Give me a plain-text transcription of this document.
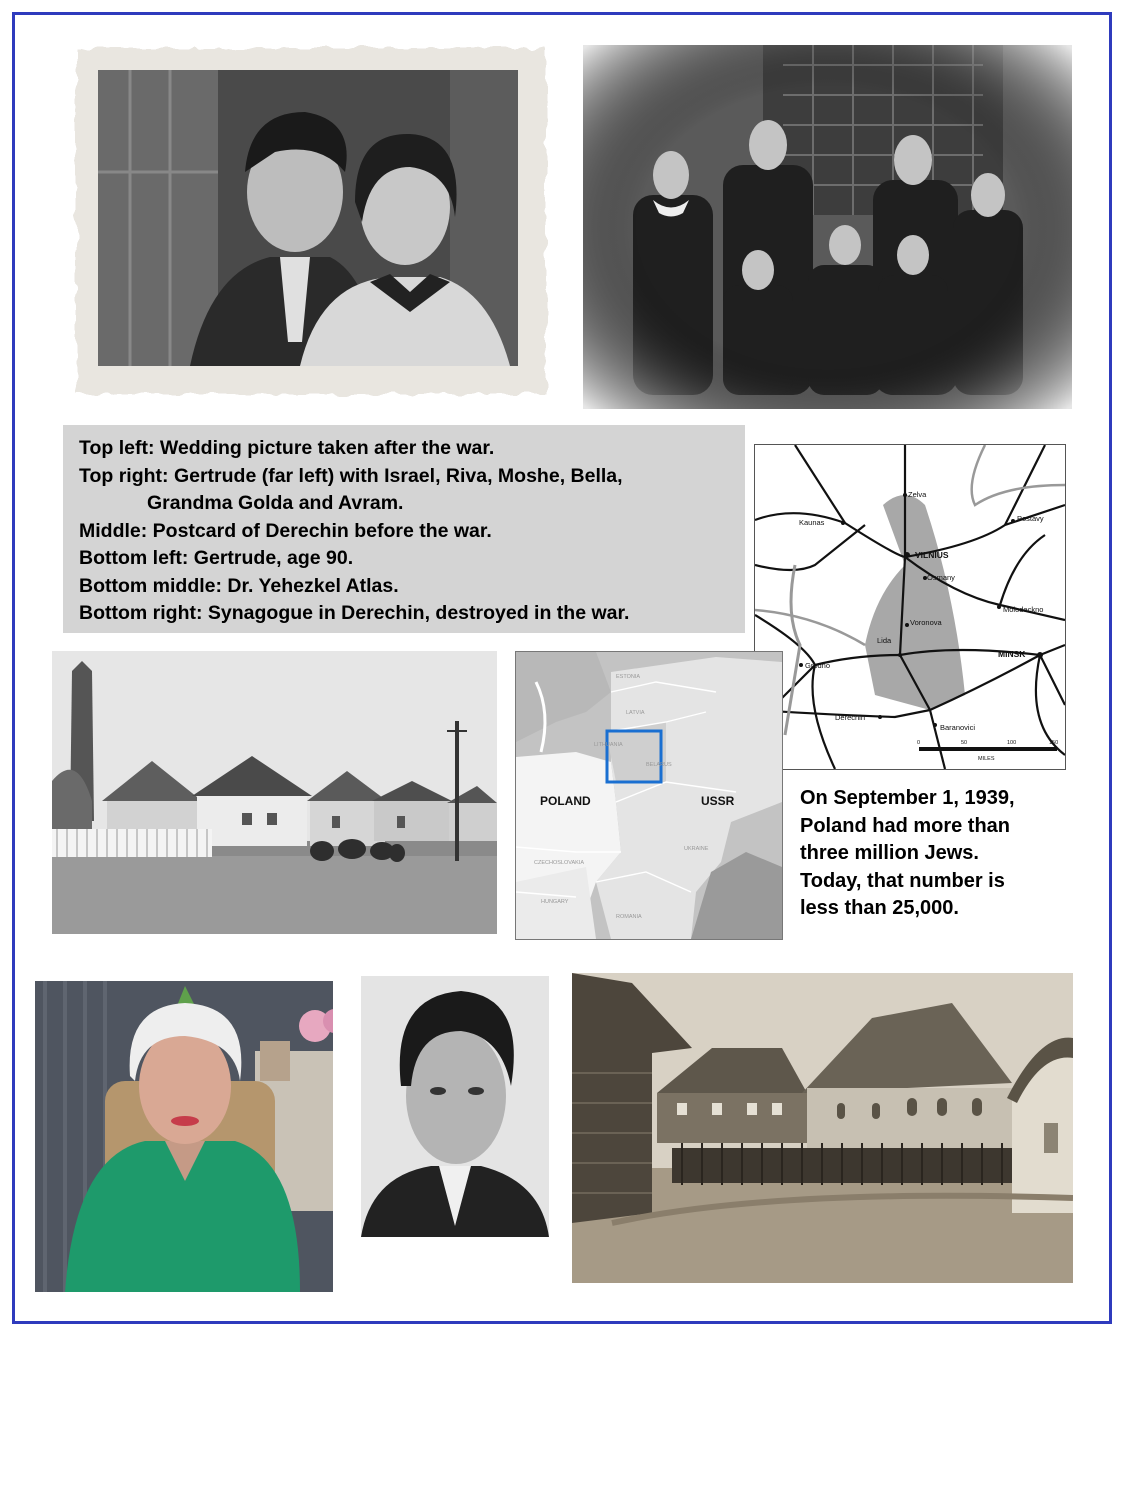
Top left: Wedding picture taken after the war.
Top right: Gertrude (far left) with Israel, Riva, Moshe, Bella,
Grandma Golda and Avram.
Middle: Postcard of Derechin before the war.
Bottom left: Gertrude, age 90.
Bottom middle: Dr. Yehezkel Atlas.
Bottom right: Synagogue in Derechin, destroyed in the war.
Zelva
Kaunas	Postavy
VILNIUS
Osmany
Molodeckno
Voronova
Lida
MINSK
Grodno
Derechin
Baranovici
0	50	100	150
MILES
POLAND	USSR
ESTONIA
LATVIA
LITHUANIA
BELARUS
UKRAINE
CZECHOSLOVAKIA
HUNGARY
ROMANIA
On September 1, 1939,
Poland had more than
three million Jews.
Today, that number is
less than 25,000.
